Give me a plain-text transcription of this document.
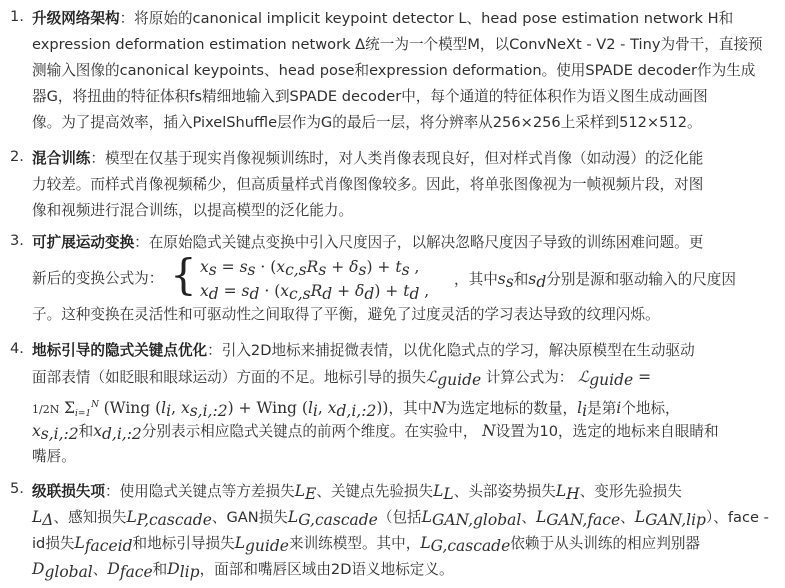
1. 升级网络架构：将原始的canonical implicit keypoint detector L、head pose estimation network H和
expression deformation estimation network Δ统一为一个模型M，以ConvNeXt - V2 - Tiny为骨干，直接预
测输入图像的canonical keypoints、head pose和expression deformation。使用SPADE decoder作为生成
器G，将扭曲的特征体积fs精细地输入到SPADE decoder中，每个通道的特征体积作为语义图生成动画图
像。为了提高效率，插入PixelShuffle层作为G的最后一层，将分辨率从256×256上采样到512×512。
2. 混合训练：模型在仅基于现实肖像视频训练时，对人类肖像表现良好，但对样式肖像（如动漫）的泛化能
力较差。而样式肖像视频稀少，但高质量样式肖像图像较多。因此，将单张图像视为一帧视频片段，对图
像和视频进行混合训练，以提高模型的泛化能力。
3. 可扩展运动变换：在原始隐式关键点变换中引入尺度因子，以解决忽略尺度因子导致的训练困难问题。更
新后的变换公式为： { $x_s = s_s \cdot (x_{c,s}R_s + \delta_s) + t_s$ ,
$x_d = s_d \cdot (x_{c,s}R_d + \delta_d) + t_d$ ,
，其中$s_s$和$s_d$分别是源和驱动输入的尺度因
子。这种变换在灵活性和可驱动性之间取得了平衡，避免了过度灵活的学习表达导致的纹理闪烁。
4. 地标引导的隐式关键点优化：引入2D地标来捕捉微表情，以优化隐式点的学习，解决原模型在生动驱动
面部表情（如眨眼和眼球运动）方面的不足。地标引导的损失ℒ$_{guide}$ 计算公式为： ℒ$_{guide}$ =
1/2N $\Sigma_{i=1}^N$ (Wing ($l_i$, $x_{s,i,:2}$) + Wing ($l_i$, $x_{d,i,:2}$))，其中N为选定地标的数量，$l_i$是第i个地标，
$x_{s,i,:2}$和$x_{d,i,:2}$分别表示相应隐式关键点的前两个维度。在实验中， N设置为10，选定的地标来自眼睛和
嘴唇。
5. 级联损失项：使用隐式关键点等方差损失$L_E$、关键点先验损失$L_L$、头部姿势损失$L_H$、变形先验损失
$L_\Delta$、感知损失$L_{P,cascade}$、GAN损失$L_{G,cascade}$（包括$L_{GAN,global}$、$L_{GAN,face}$、$L_{GAN,lip}$）、face -
id损失$L_{faceid}$和地标引导损失$L_{guide}$来训练模型。其中，$L_{G,cascade}$依赖于从头训练的相应判别器
$D_{global}$、$D_{face}$和$D_{lip}$，面部和嘴唇区域由2D语义地标定义。
